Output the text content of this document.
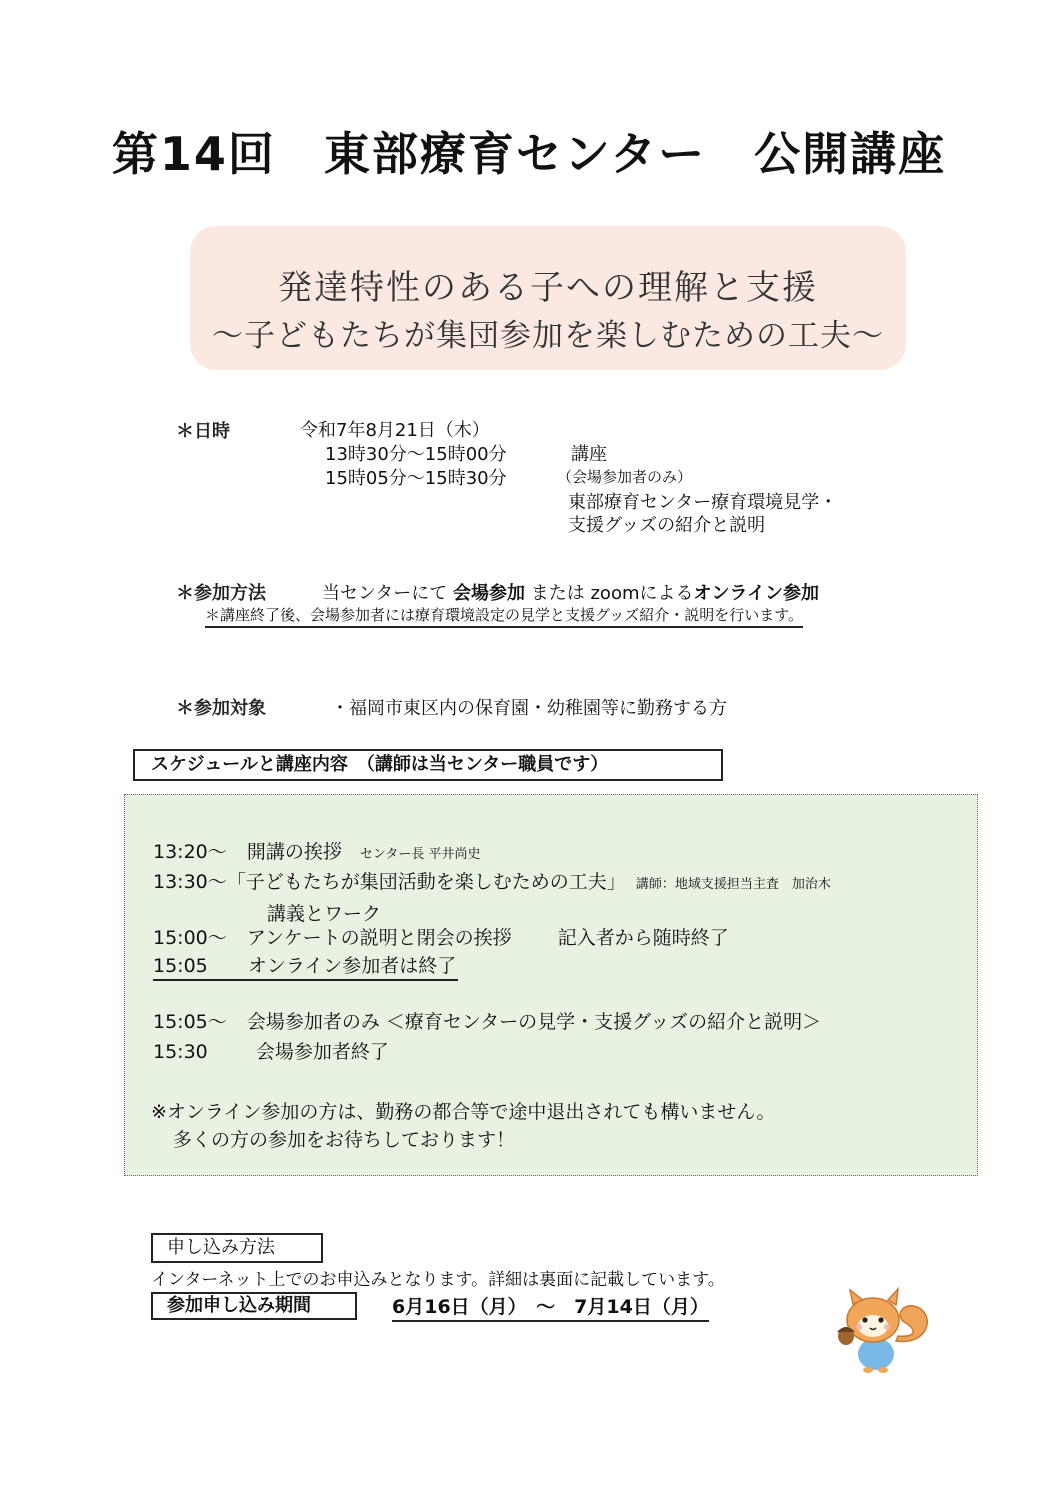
第14回　東部療育センター　公開講座
発達特性のある子への理解と支援
～子どもたちが集団参加を楽しむための工夫～
＊日時	令和7年8月21日（木）
13時30分～15時00分	講座
15時05分～15時30分	（会場参加者のみ）
東部療育センター療育環境見学・
支援グッズの紹介と説明
＊参加方法	当センターにて 会場参加 または zoomによるオンライン参加
＊講座終了後、会場参加者には療育環境設定の見学と支援グッズ紹介・説明を行います。
＊参加対象	・福岡市東区内の保育園・幼稚園等に勤務する方
スケジュールと講座内容　（講師は当センター職員です）
13:20～ 開講の挨拶 センター長 平井尚史
13:30～「子どもたちが集団活動を楽しむための工夫」 講師：地域支援担当主査　加治木
講義とワーク
15:00～ アンケートの説明と閉会の挨拶 記入者から随時終了
15:05 オンライン参加者は終了
15:05～ 会場参加者のみ ＜療育センターの見学・支援グッズの紹介と説明＞
15:30	会場参加者終了
※オンライン参加の方は、勤務の都合等で途中退出されても構いません。
多くの方の参加をお待ちしております！
申し込み方法
インターネット上でのお申込みとなります。詳細は裏面に記載しています。
参加申し込み期間	6月16日（月）　～　7月14日（月）
